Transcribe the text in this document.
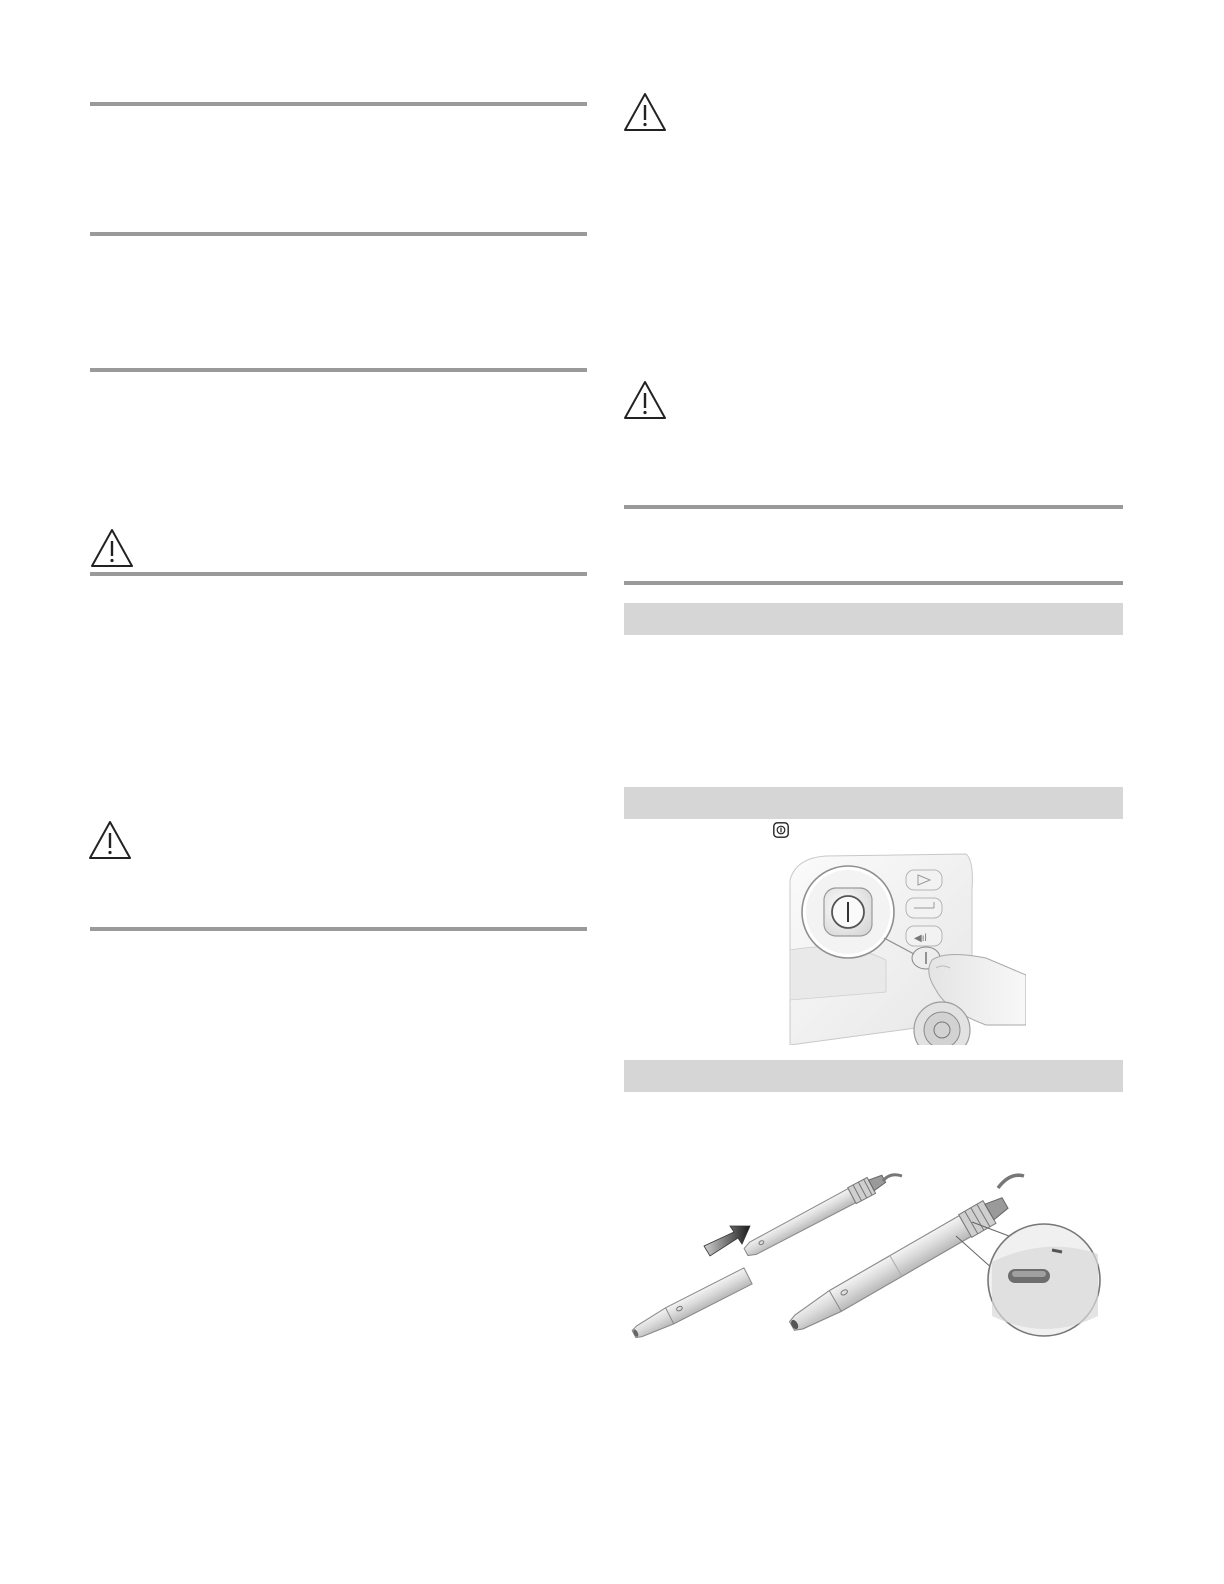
◀ıl
